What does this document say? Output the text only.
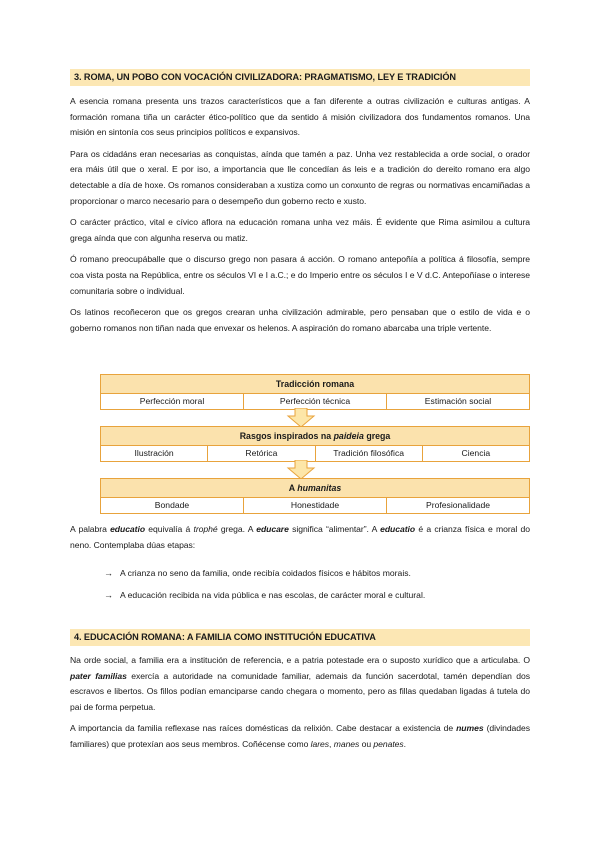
3. ROMA, UN POBO CON VOCACIÓN CIVILIZADORA: PRAGMATISMO, LEY E TRADICIÓN

A esencia romana presenta uns trazos característicos que a fan diferente a outras civilización e culturas antigas. A formación romana tiña un carácter ético-político que da sentido á misión civilizadora dos fundamentos romanos. Una misión en sintonía cos seus principios políticos e expansivos.

Para os cidadáns eran necesarias as conquistas, aínda que tamén a paz. Unha vez restablecida a orde social, o orador era máis útil que o xeral. E por iso, a importancia que lle concedían ás leis e a tradición do dereito romano era algo detectable a día de hoxe. Os romanos consideraban a xustiza como un conxunto de regras ou normativas encamiñadas a proporcionar o marco necesario para o desempeño dun goberno recto e xusto.

O carácter práctico, vital e cívico aflora na educación romana unha vez máis. É evidente que Rima asimilou a cultura grega aínda que con algunha reserva ou matiz.

Ó romano preocupáballe que o discurso grego non pasara á acción. O romano antepoñía a política á filosofía, sempre coa vista posta na República, entre os séculos VI e I a.C.; e do Imperio entre os séculos I e V d.C. Antepoñíase o interese comunitaria sobre o individual.

Os latinos recoñeceron que os gregos crearan unha civilización admirable, pero pensaban que o estilo de vida e o goberno romanos non tiñan nada que envexar os helenos. A aspiración do romano abarcaba una triple vertente.

Tradicción romana
Perfección moral	Perfección técnica	Estimación social
Rasgos inspirados na paideia grega
Ilustración	Retórica	Tradición filosófica	Ciencia
A humanitas
Bondade	Honestidade	Profesionalidade

A palabra educatio equivalía á trophé grega. A educare significa “alimentar”. A educatio é a crianza física e moral do neno. Contemplaba dúas etapas:

→ A crianza no seno da familia, onde recibía coidados físicos e hábitos morais.
→ A educación recibida na vida pública e nas escolas, de carácter moral e cultural.
4. EDUCACIÓN ROMANA: A FAMILIA COMO INSTITUCIÓN EDUCATIVA

Na orde social, a familia era a institución de referencia, e a patria potestade era o suposto xurídico que a articulaba. O pater familias exercía a autoridade na comunidade familiar, ademais da función sacerdotal, tamén dependían dos escravos e libertos. Os fillos podían emanciparse cando chegara o momento, pero as fillas quedaban ligadas á tutela do pai de forma perpetua.

A importancia da familia reflexase nas raíces domésticas da relixión. Cabe destacar a existencia de numes (divindades familiares) que protexían aos seus membros. Coñécense como lares, manes ou penates.
